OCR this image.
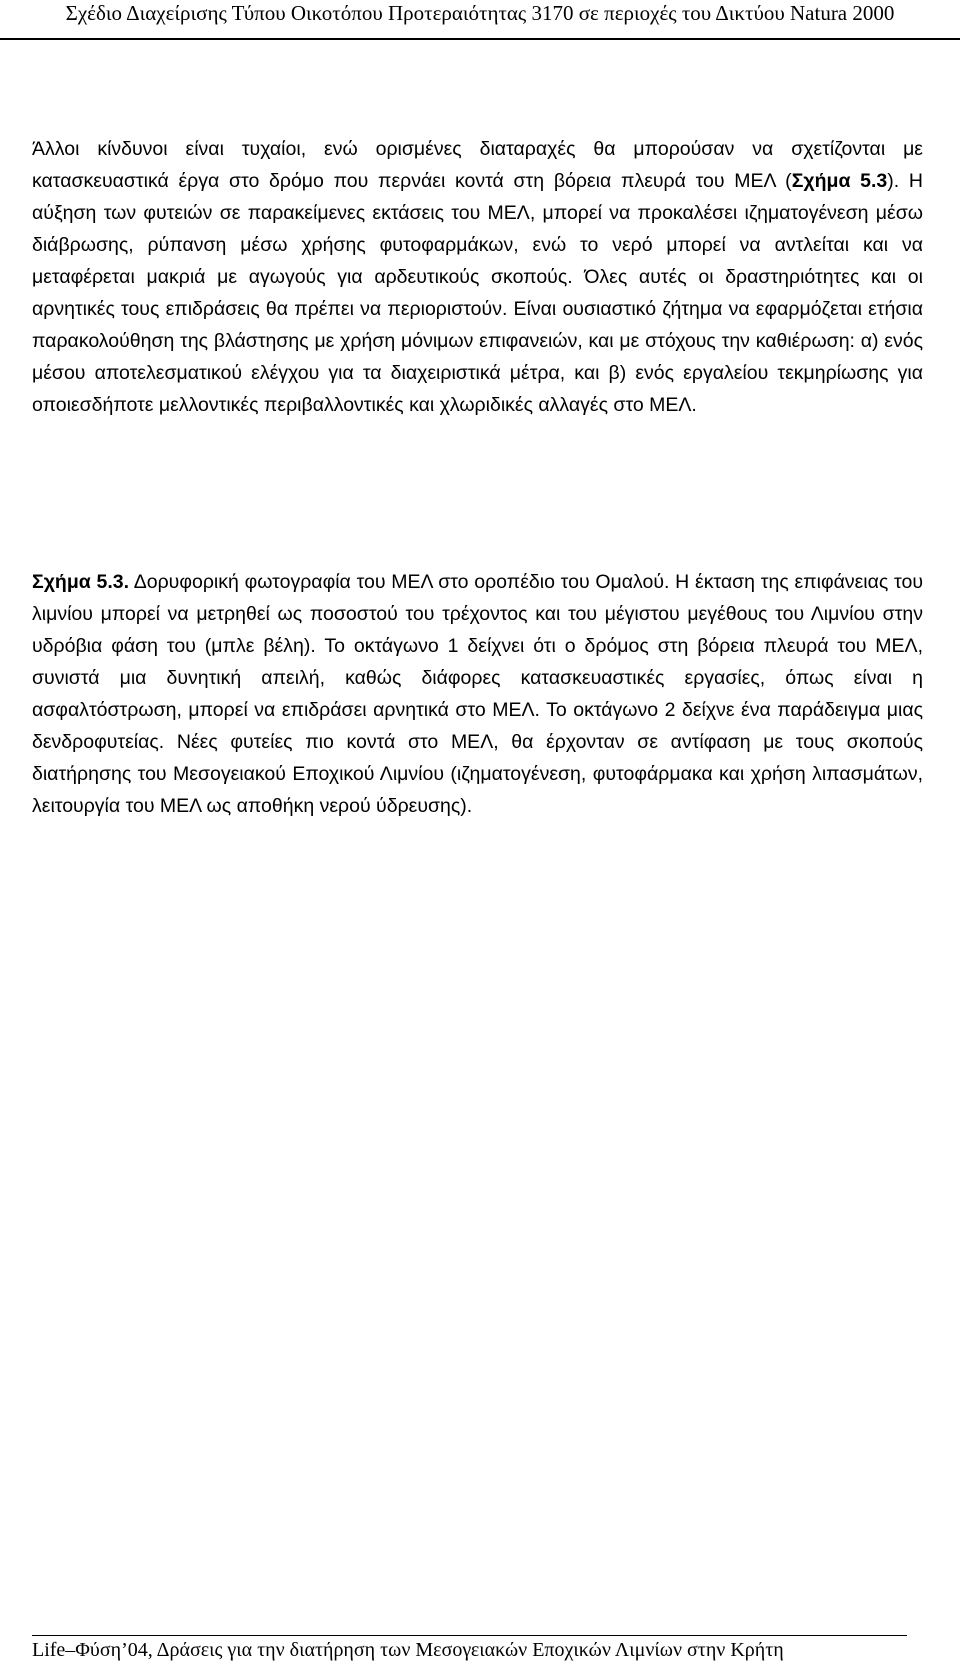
Σχέδιο Διαχείρισης Τύπου Οικοτόπου Προτεραιότητας 3170 σε περιοχές του Δικτύου Natura 2000

Άλλοι κίνδυνοι είναι τυχαίοι, ενώ ορισμένες διαταραχές θα μπορούσαν να σχετίζονται με κατασκευαστικά έργα στο δρόμο που περνάει κοντά στη βόρεια πλευρά του ΜΕΛ (Σχήμα 5.3). Η αύξηση των φυτειών σε παρακείμενες εκτάσεις του ΜΕΛ, μπορεί να προκαλέσει ιζηματογένεση μέσω διάβρωσης, ρύπανση μέσω χρήσης φυτοφαρμάκων, ενώ το νερό μπορεί να αντλείται και να μεταφέρεται μακριά με αγωγούς για αρδευτικούς σκοπούς. Όλες αυτές οι δραστηριότητες και οι αρνητικές τους επιδράσεις θα πρέπει να περιοριστούν. Είναι ουσιαστικό ζήτημα να εφαρμόζεται ετήσια παρακολούθηση της βλάστησης με χρήση μόνιμων επιφανειών, και με στόχους την καθιέρωση: α) ενός μέσου αποτελεσματικού ελέγχου για τα διαχειριστικά μέτρα, και β) ενός εργαλείου τεκμηρίωσης για οποιεσδήποτε μελλοντικές περιβαλλοντικές και χλωριδικές αλλαγές στο ΜΕΛ.

Σχήμα 5.3. Δορυφορική φωτογραφία του ΜΕΛ στο οροπέδιο του Ομαλού. Η έκταση της επιφάνειας του λιμνίου μπορεί να μετρηθεί ως ποσοστού του τρέχοντος και του μέγιστου μεγέθους του Λιμνίου στην υδρόβια φάση του (μπλε βέλη). Το οκτάγωνο 1 δείχνει ότι ο δρόμος στη βόρεια πλευρά του ΜΕΛ, συνιστά μια δυνητική απειλή, καθώς διάφορες κατασκευαστικές εργασίες, όπως είναι η ασφαλτόστρωση, μπορεί να επιδράσει αρνητικά στο ΜΕΛ. Το οκτάγωνο 2 δείχνε ένα παράδειγμα μιας δενδροφυτείας. Νέες φυτείες πιο κοντά στο ΜΕΛ, θα έρχονταν σε αντίφαση με τους σκοπούς διατήρησης του Μεσογειακού Εποχικού Λιμνίου (ιζηματογένεση, φυτοφάρμακα και χρήση λιπασμάτων, λειτουργία του ΜΕΛ ως αποθήκη νερού ύδρευσης).

Life–Φύση’04, Δράσεις για την διατήρηση των Μεσογειακών Εποχικών Λιμνίων στην Κρήτη
